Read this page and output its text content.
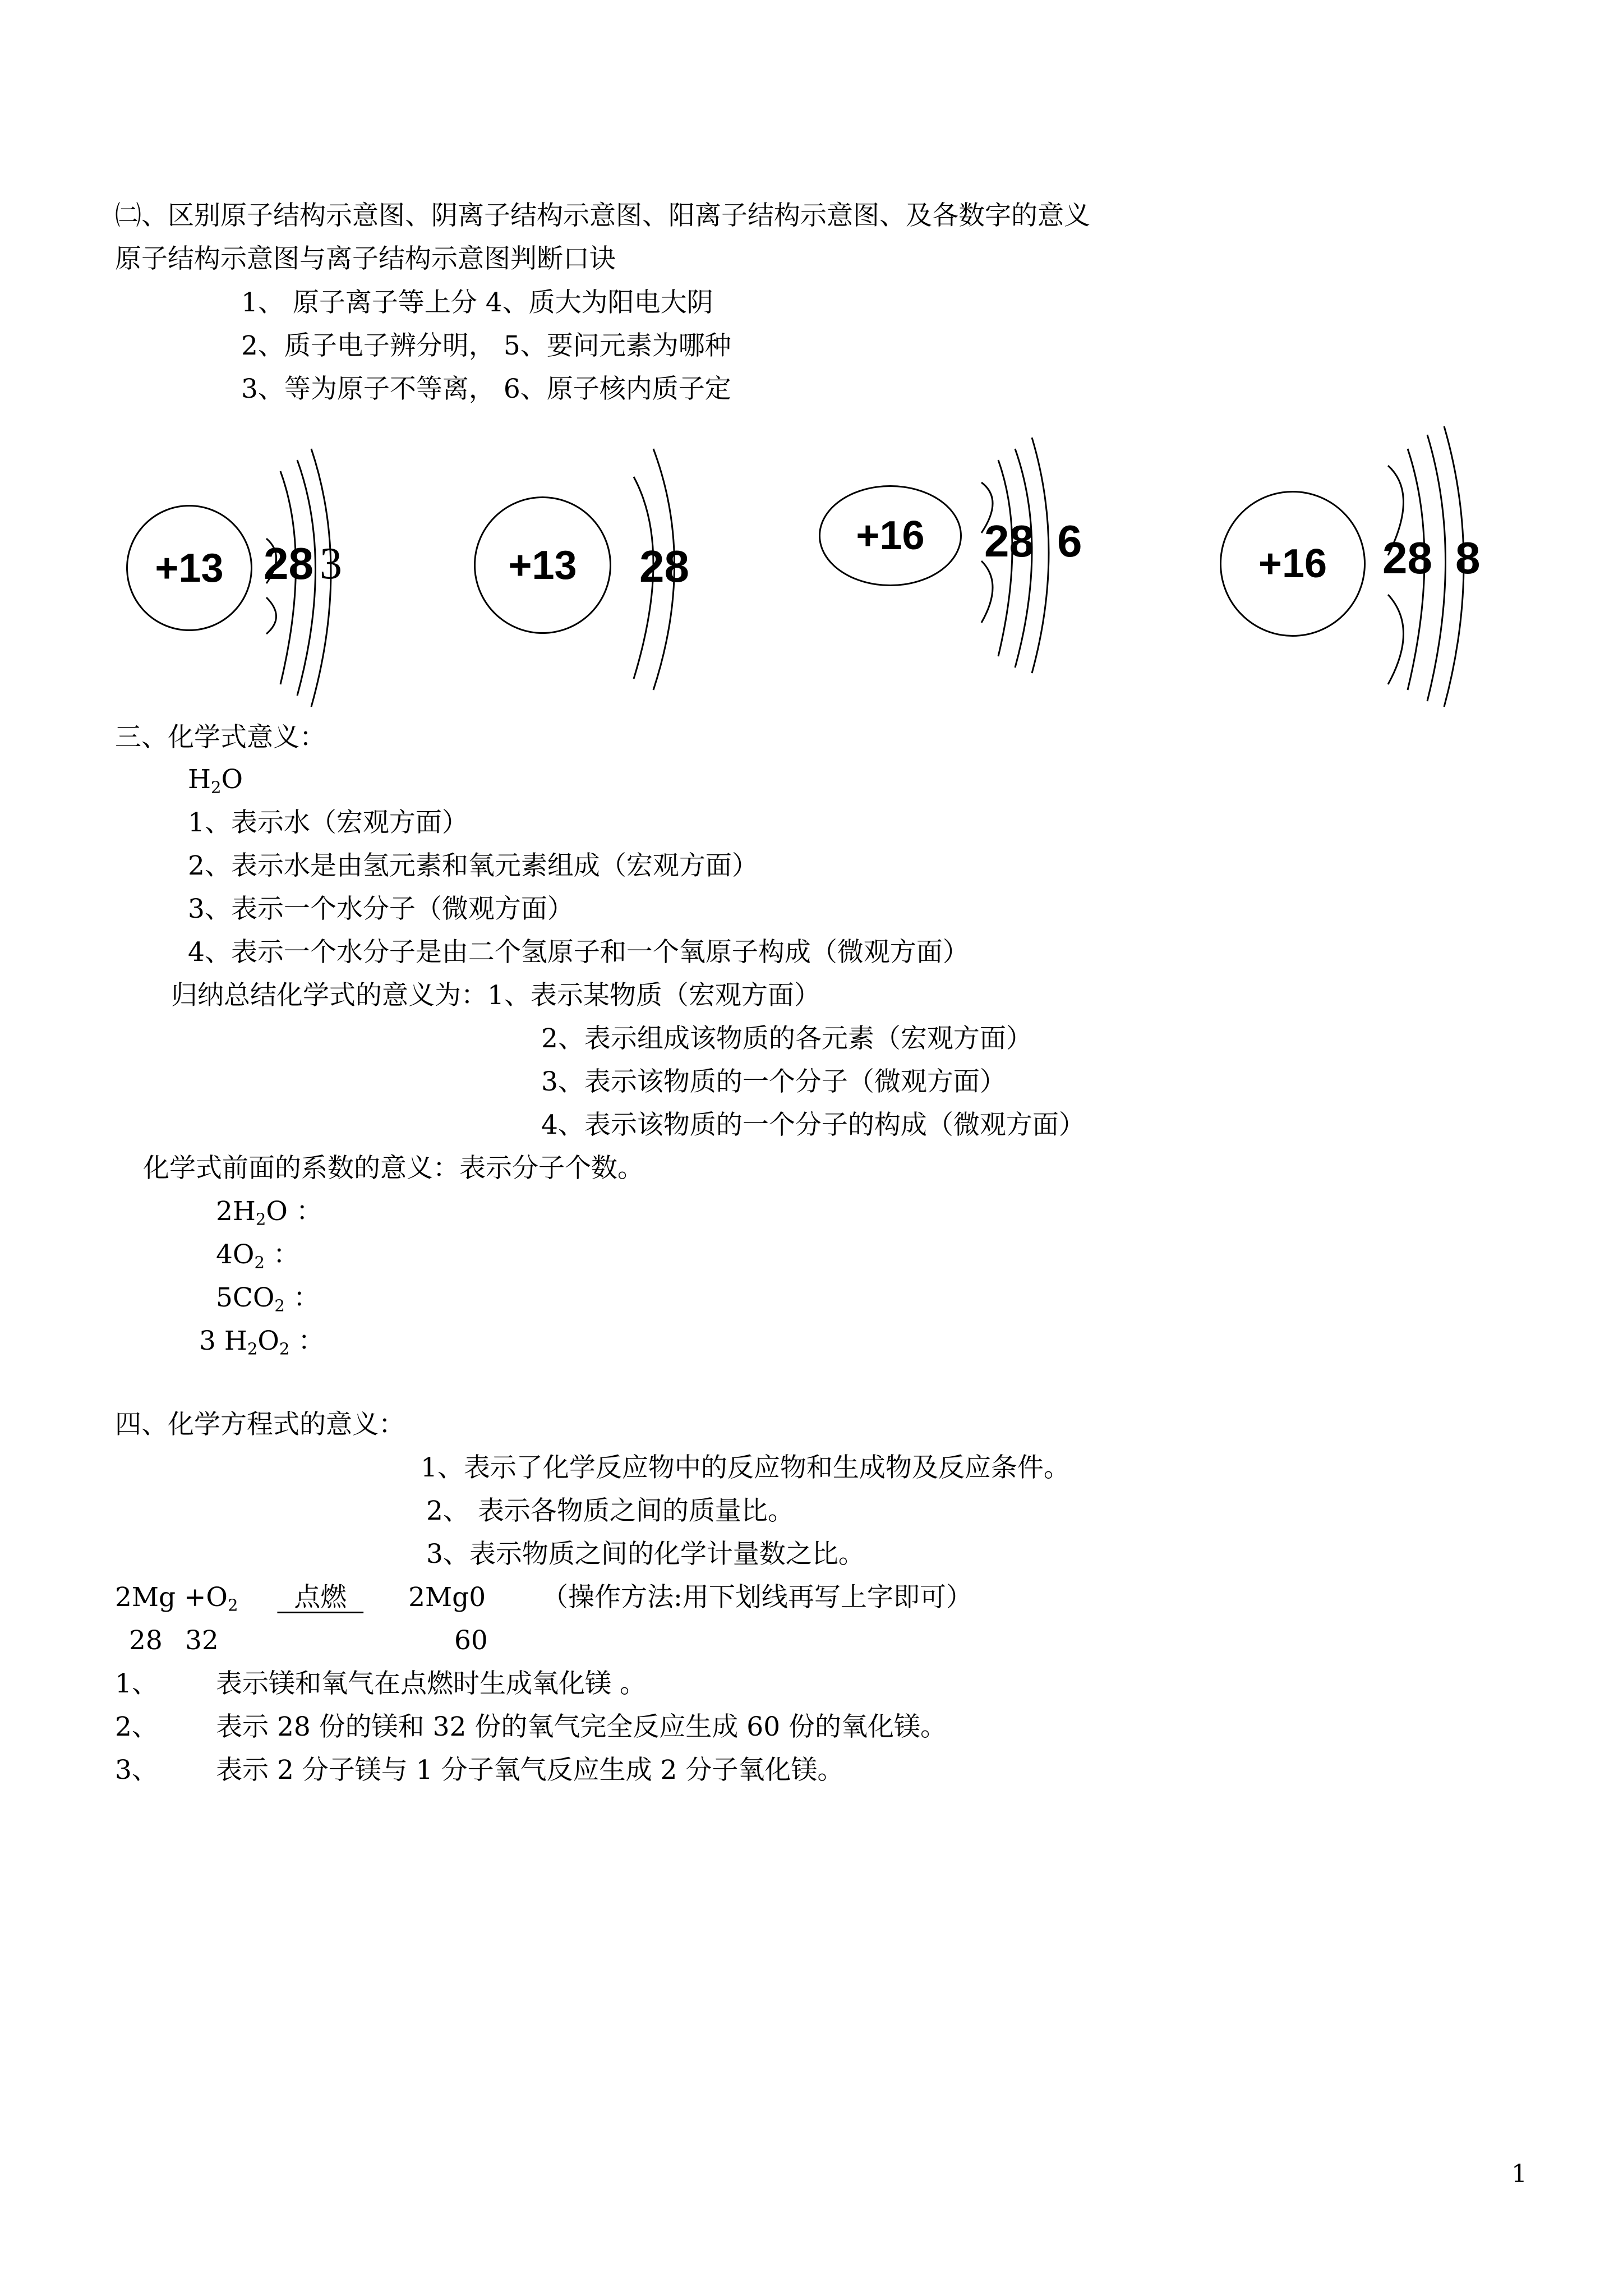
㈡、区别原子结构示意图、阴离子结构示意图、阳离子结构示意图、及各数字的意义
原子结构示意图与离子结构示意图判断口诀
1、 原子离子等上分 4、质大为阳电大阴
2、质子电子辨分明， 5、要问元素为哪种
3、等为原子不等离， 6、原子核内质子定
+13 28 3	+13	28
+16	28 6	+16	28 8
三、化学式意义：
$H_2O$
1、表示水（宏观方面）
2、表示水是由氢元素和氧元素组成（宏观方面）
3、表示一个水分子（微观方面）
4、表示一个水分子是由二个氢原子和一个氧原子构成（微观方面）
归纳总结化学式的意义为：1、表示某物质（宏观方面）
2、表示组成该物质的各元素（宏观方面）
3、表示该物质的一个分子（微观方面）
4、表示该物质的一个分子的构成（微观方面）
化学式前面的系数的意义：表示分子个数。
$2H_2O$ ：
$4O_2$ ：
$5CO_2$ ：
3 $H_2O_2$ ：
四、化学方程式的意义：
1、表示了化学反应物中的反应物和生成物及反应条件。
2、 表示各物质之间的质量比。
3、表示物质之间的化学计量数之比。
$2Mg +O_2$    点燃    2Mg0 （操作方法:用下划线再写上字即可）
28 32	60
1、 表示镁和氧气在点燃时生成氧化镁 。
2、 表示 28 份的镁和 32 份的氧气完全反应生成 60 份的氧化镁。
3、 表示 2 分子镁与 1 分子氧气反应生成 2 分子氧化镁。
1
